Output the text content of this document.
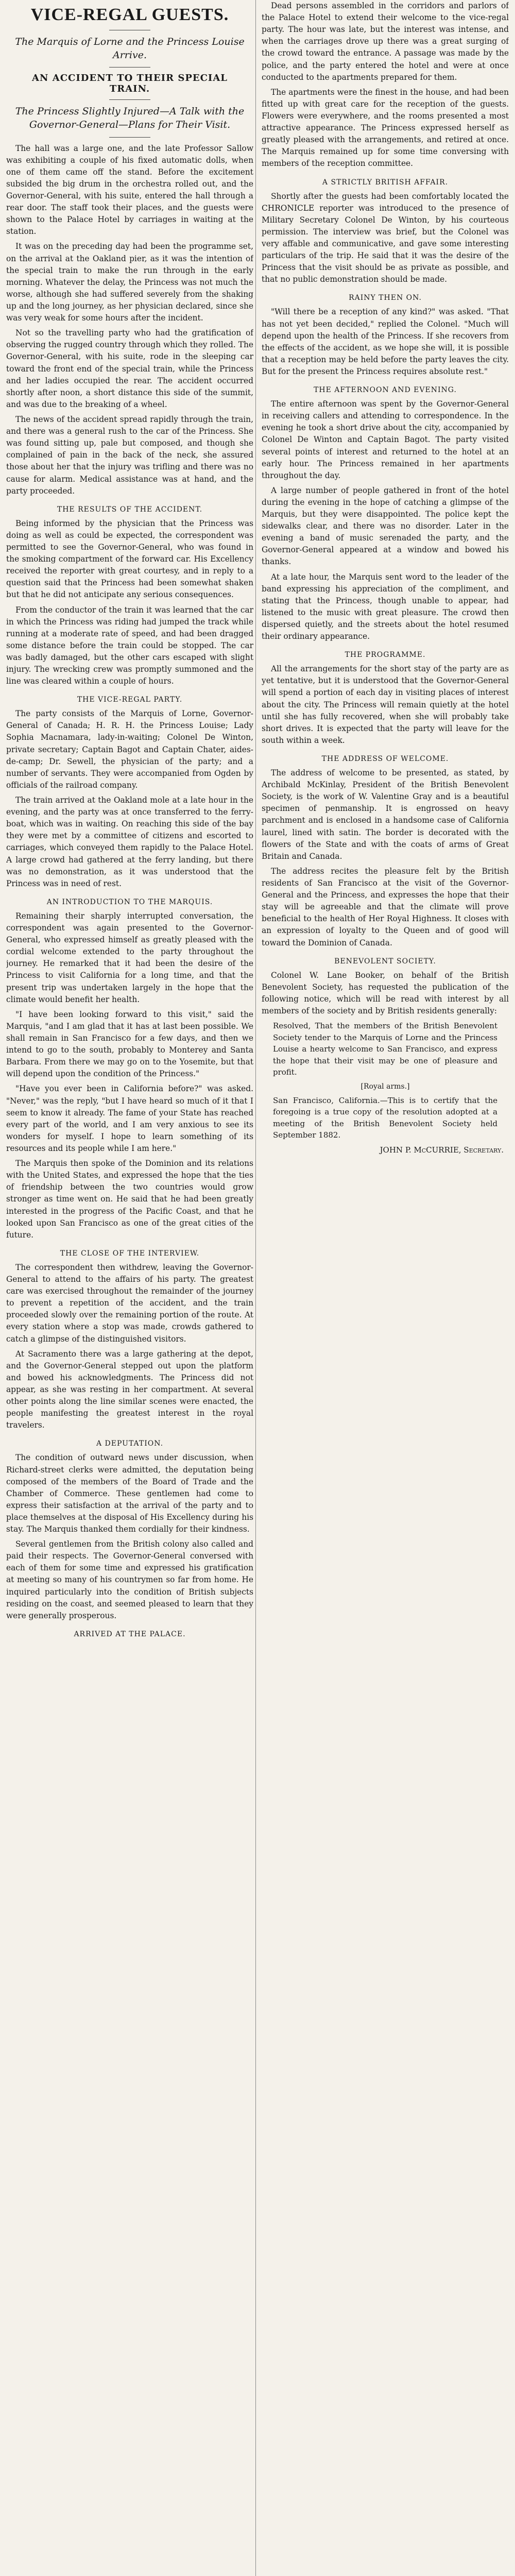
VICE-REGAL GUESTS.
The Marquis of Lorne and the Princess Louise Arrive.
AN ACCIDENT TO THEIR SPECIAL TRAIN.
The Princess Slightly Injured—A Talk with the Governor-General—Plans for Their Visit.

The hall was a large one, and the late Professor Sallow was exhibiting a couple of his fixed automatic dolls, when one of them came off the stand. Before the excitement subsided the big drum in the orchestra rolled out, and the Governor-General, with his suite, entered the hall through a rear door. The staff took their places, and the guests were shown to the Palace Hotel by carriages in waiting at the station.

It was on the preceding day had been the programme set, on the arrival at the Oakland pier, as it was the intention of the special train to make the run through in the early morning. Whatever the delay, the Princess was not much the worse, although she had suffered severely from the shaking up and the long journey, as her physician declared, since she was very weak for some hours after the incident.

Not so the travelling party who had the gratification of observing the rugged country through which they rolled. The Governor-General, with his suite, rode in the sleeping car toward the front end of the special train, while the Princess and her ladies occupied the rear. The accident occurred shortly after noon, a short distance this side of the summit, and was due to the breaking of a wheel.

The news of the accident spread rapidly through the train, and there was a general rush to the car of the Princess. She was found sitting up, pale but composed, and though she complained of pain in the back of the neck, she assured those about her that the injury was trifling and there was no cause for alarm. Medical assistance was at hand, and the party proceeded.

THE RESULTS OF THE ACCIDENT.

Being informed by the physician that the Princess was doing as well as could be expected, the correspondent was permitted to see the Governor-General, who was found in the smoking compartment of the forward car. His Excellency received the reporter with great courtesy, and in reply to a question said that the Princess had been somewhat shaken but that he did not anticipate any serious consequences.

From the conductor of the train it was learned that the car in which the Princess was riding had jumped the track while running at a moderate rate of speed, and had been dragged some distance before the train could be stopped. The car was badly damaged, but the other cars escaped with slight injury. The wrecking crew was promptly summoned and the line was cleared within a couple of hours.

THE VICE-REGAL PARTY.

The party consists of the Marquis of Lorne, Governor-General of Canada; H. R. H. the Princess Louise; Lady Sophia Macnamara, lady-in-waiting; Colonel De Winton, private secretary; Captain Bagot and Captain Chater, aides-de-camp; Dr. Sewell, the physician of the party; and a number of servants. They were accompanied from Ogden by officials of the railroad company.

The train arrived at the Oakland mole at a late hour in the evening, and the party was at once transferred to the ferry-boat, which was in waiting. On reaching this side of the bay they were met by a committee of citizens and escorted to carriages, which conveyed them rapidly to the Palace Hotel. A large crowd had gathered at the ferry landing, but there was no demonstration, as it was understood that the Princess was in need of rest.

AN INTRODUCTION TO THE MARQUIS.

Remaining their sharply interrupted conversation, the correspondent was again presented to the Governor-General, who expressed himself as greatly pleased with the cordial welcome extended to the party throughout the journey. He remarked that it had been the desire of the Princess to visit California for a long time, and that the present trip was undertaken largely in the hope that the climate would benefit her health.

"I have been looking forward to this visit," said the Marquis, "and I am glad that it has at last been possible. We shall remain in San Francisco for a few days, and then we intend to go to the south, probably to Monterey and Santa Barbara. From there we may go on to the Yosemite, but that will depend upon the condition of the Princess."

"Have you ever been in California before?" was asked. "Never," was the reply, "but I have heard so much of it that I seem to know it already. The fame of your State has reached every part of the world, and I am very anxious to see its wonders for myself. I hope to learn something of its resources and its people while I am here."

The Marquis then spoke of the Dominion and its relations with the United States, and expressed the hope that the ties of friendship between the two countries would grow stronger as time went on. He said that he had been greatly interested in the progress of the Pacific Coast, and that he looked upon San Francisco as one of the great cities of the future.

THE CLOSE OF THE INTERVIEW.

The correspondent then withdrew, leaving the Governor-General to attend to the affairs of his party. The greatest care was exercised throughout the remainder of the journey to prevent a repetition of the accident, and the train proceeded slowly over the remaining portion of the route. At every station where a stop was made, crowds gathered to catch a glimpse of the distinguished visitors.

At Sacramento there was a large gathering at the depot, and the Governor-General stepped out upon the platform and bowed his acknowledgments. The Princess did not appear, as she was resting in her compartment. At several other points along the line similar scenes were enacted, the people manifesting the greatest interest in the royal travelers.

A DEPUTATION.

The condition of outward news under discussion, when Richard-street clerks were admitted, the deputation being composed of the members of the Board of Trade and the Chamber of Commerce. These gentlemen had come to express their satisfaction at the arrival of the party and to place themselves at the disposal of His Excellency during his stay. The Marquis thanked them cordially for their kindness.

Several gentlemen from the British colony also called and paid their respects. The Governor-General conversed with each of them for some time and expressed his gratification at meeting so many of his countrymen so far from home. He inquired particularly into the condition of British subjects residing on the coast, and seemed pleased to learn that they were generally prosperous.

ARRIVED AT THE PALACE.

Dead persons assembled in the corridors and parlors of the Palace Hotel to extend their welcome to the vice-regal party. The hour was late, but the interest was intense, and when the carriages drove up there was a great surging of the crowd toward the entrance. A passage was made by the police, and the party entered the hotel and were at once conducted to the apartments prepared for them.

The apartments were the finest in the house, and had been fitted up with great care for the reception of the guests. Flowers were everywhere, and the rooms presented a most attractive appearance. The Princess expressed herself as greatly pleased with the arrangements, and retired at once. The Marquis remained up for some time conversing with members of the reception committee.

A STRICTLY BRITISH AFFAIR.

Shortly after the guests had been comfortably located the CHRONICLE reporter was introduced to the presence of Military Secretary Colonel De Winton, by his courteous permission. The interview was brief, but the Colonel was very affable and communicative, and gave some interesting particulars of the trip. He said that it was the desire of the Princess that the visit should be as private as possible, and that no public demonstration should be made.

RAINY THEN ON.

"Will there be a reception of any kind?" was asked. "That has not yet been decided," replied the Colonel. "Much will depend upon the health of the Princess. If she recovers from the effects of the accident, as we hope she will, it is possible that a reception may be held before the party leaves the city. But for the present the Princess requires absolute rest."

THE AFTERNOON AND EVENING.

The entire afternoon was spent by the Governor-General in receiving callers and attending to correspondence. In the evening he took a short drive about the city, accompanied by Colonel De Winton and Captain Bagot. The party visited several points of interest and returned to the hotel at an early hour. The Princess remained in her apartments throughout the day.

A large number of people gathered in front of the hotel during the evening in the hope of catching a glimpse of the Marquis, but they were disappointed. The police kept the sidewalks clear, and there was no disorder. Later in the evening a band of music serenaded the party, and the Governor-General appeared at a window and bowed his thanks.

At a late hour, the Marquis sent word to the leader of the band expressing his appreciation of the compliment, and stating that the Princess, though unable to appear, had listened to the music with great pleasure. The crowd then dispersed quietly, and the streets about the hotel resumed their ordinary appearance.

THE PROGRAMME.

All the arrangements for the short stay of the party are as yet tentative, but it is understood that the Governor-General will spend a portion of each day in visiting places of interest about the city. The Princess will remain quietly at the hotel until she has fully recovered, when she will probably take short drives. It is expected that the party will leave for the south within a week.

THE ADDRESS OF WELCOME.

The address of welcome to be presented, as stated, by Archibald McKinlay, President of the British Benevolent Society, is the work of W. Valentine Gray and is a beautiful specimen of penmanship. It is engrossed on heavy parchment and is enclosed in a handsome case of California laurel, lined with satin. The border is decorated with the flowers of the State and with the coats of arms of Great Britain and Canada.

The address recites the pleasure felt by the British residents of San Francisco at the visit of the Governor-General and the Princess, and expresses the hope that their stay will be agreeable and that the climate will prove beneficial to the health of Her Royal Highness. It closes with an expression of loyalty to the Queen and of good will toward the Dominion of Canada.

BENEVOLENT SOCIETY.

Colonel W. Lane Booker, on behalf of the British Benevolent Society, has requested the publication of the following notice, which will be read with interest by all members of the society and by British residents generally:

Resolved, That the members of the British Benevolent Society tender to the Marquis of Lorne and the Princess Louise a hearty welcome to San Francisco, and express the hope that their visit may be one of pleasure and profit.
[Royal arms.]
San Francisco, California.—This is to certify that the foregoing is a true copy of the resolution adopted at a meeting of the British Benevolent Society held September 1882.
JOHN P. McCURRIE, Secretary.
